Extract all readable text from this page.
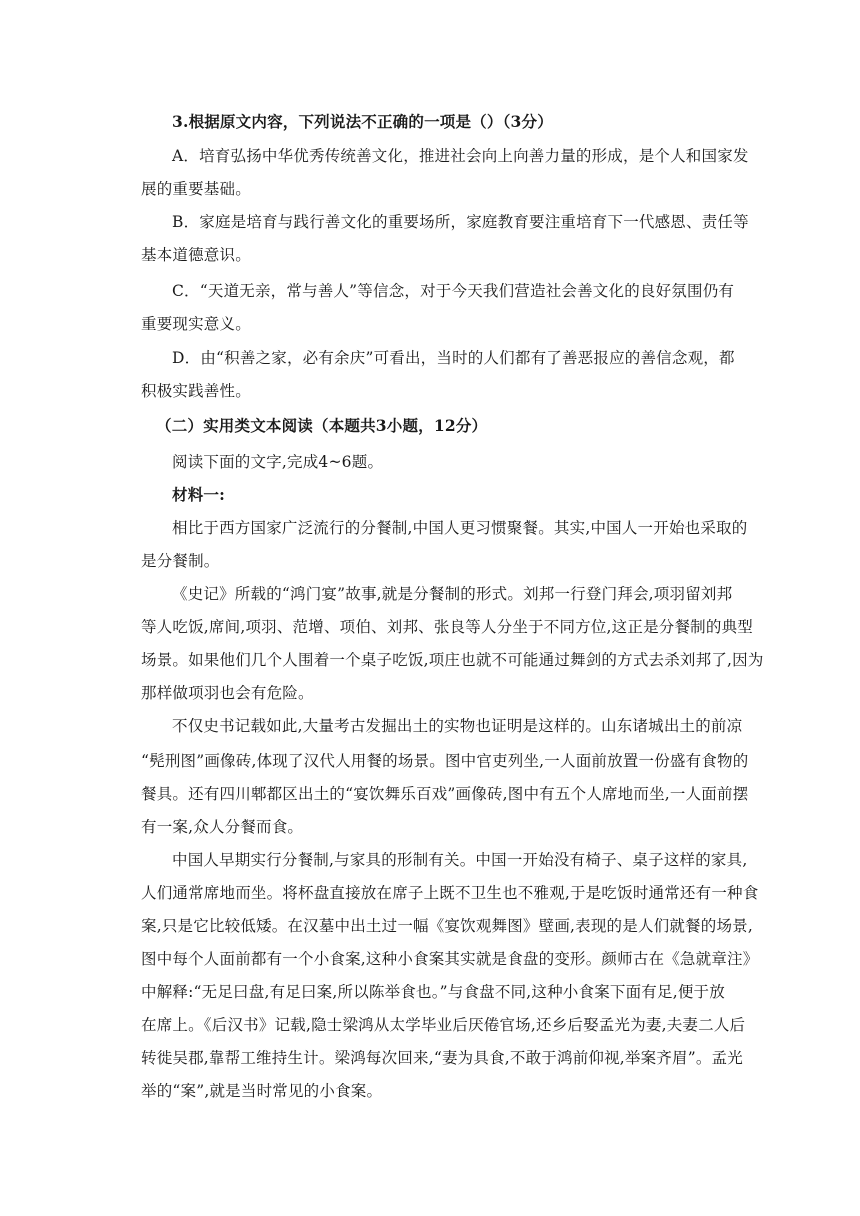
3.根据原文内容，下列说法不正确的一项是（）（3分）
A．培育弘扬中华优秀传统善文化，推进社会向上向善力量的形成，是个人和国家发
展的重要基础。
B．家庭是培育与践行善文化的重要场所，家庭教育要注重培育下一代感恩、责任等
基本道德意识。
C．“天道无亲，常与善人”等信念，对于今天我们营造社会善文化的良好氛围仍有
重要现实意义。
D．由“积善之家，必有余庆”可看出，当时的人们都有了善恶报应的善信念观，都
积极实践善性。
（二）实用类文本阅读（本题共3小题，12分）
阅读下面的文字,完成4~6题。
材料一:
相比于西方国家广泛流行的分餐制,中国人更习惯聚餐。其实,中国人一开始也采取的
是分餐制。
《史记》所载的“鸿门宴”故事,就是分餐制的形式。刘邦一行登门拜会,项羽留刘邦
等人吃饭,席间,项羽、范增、项伯、刘邦、张良等人分坐于不同方位,这正是分餐制的典型
场景。如果他们几个人围着一个桌子吃饭,项庄也就不可能通过舞剑的方式去杀刘邦了,因为
那样做项羽也会有危险。
不仅史书记载如此,大量考古发掘出土的实物也证明是这样的。山东诸城出土的前凉
“髡刑图”画像砖,体现了汉代人用餐的场景。图中官吏列坐,一人面前放置一份盛有食物的
餐具。还有四川郫都区出土的“宴饮舞乐百戏”画像砖,图中有五个人席地而坐,一人面前摆
有一案,众人分餐而食。
中国人早期实行分餐制,与家具的形制有关。中国一开始没有椅子、桌子这样的家具,
人们通常席地而坐。将杯盘直接放在席子上既不卫生也不雅观,于是吃饭时通常还有一种食
案,只是它比较低矮。在汉墓中出土过一幅《宴饮观舞图》壁画,表现的是人们就餐的场景,
图中每个人面前都有一个小食案,这种小食案其实就是食盘的变形。颜师古在《急就章注》
中解释:“无足曰盘,有足曰案,所以陈举食也。”与食盘不同,这种小食案下面有足,便于放
在席上。《后汉书》记载,隐士梁鸿从太学毕业后厌倦官场,还乡后娶孟光为妻,夫妻二人后
转徙吴郡,靠帮工维持生计。梁鸿每次回来,“妻为具食,不敢于鸿前仰视,举案齐眉”。孟光
举的“案”,就是当时常见的小食案。
